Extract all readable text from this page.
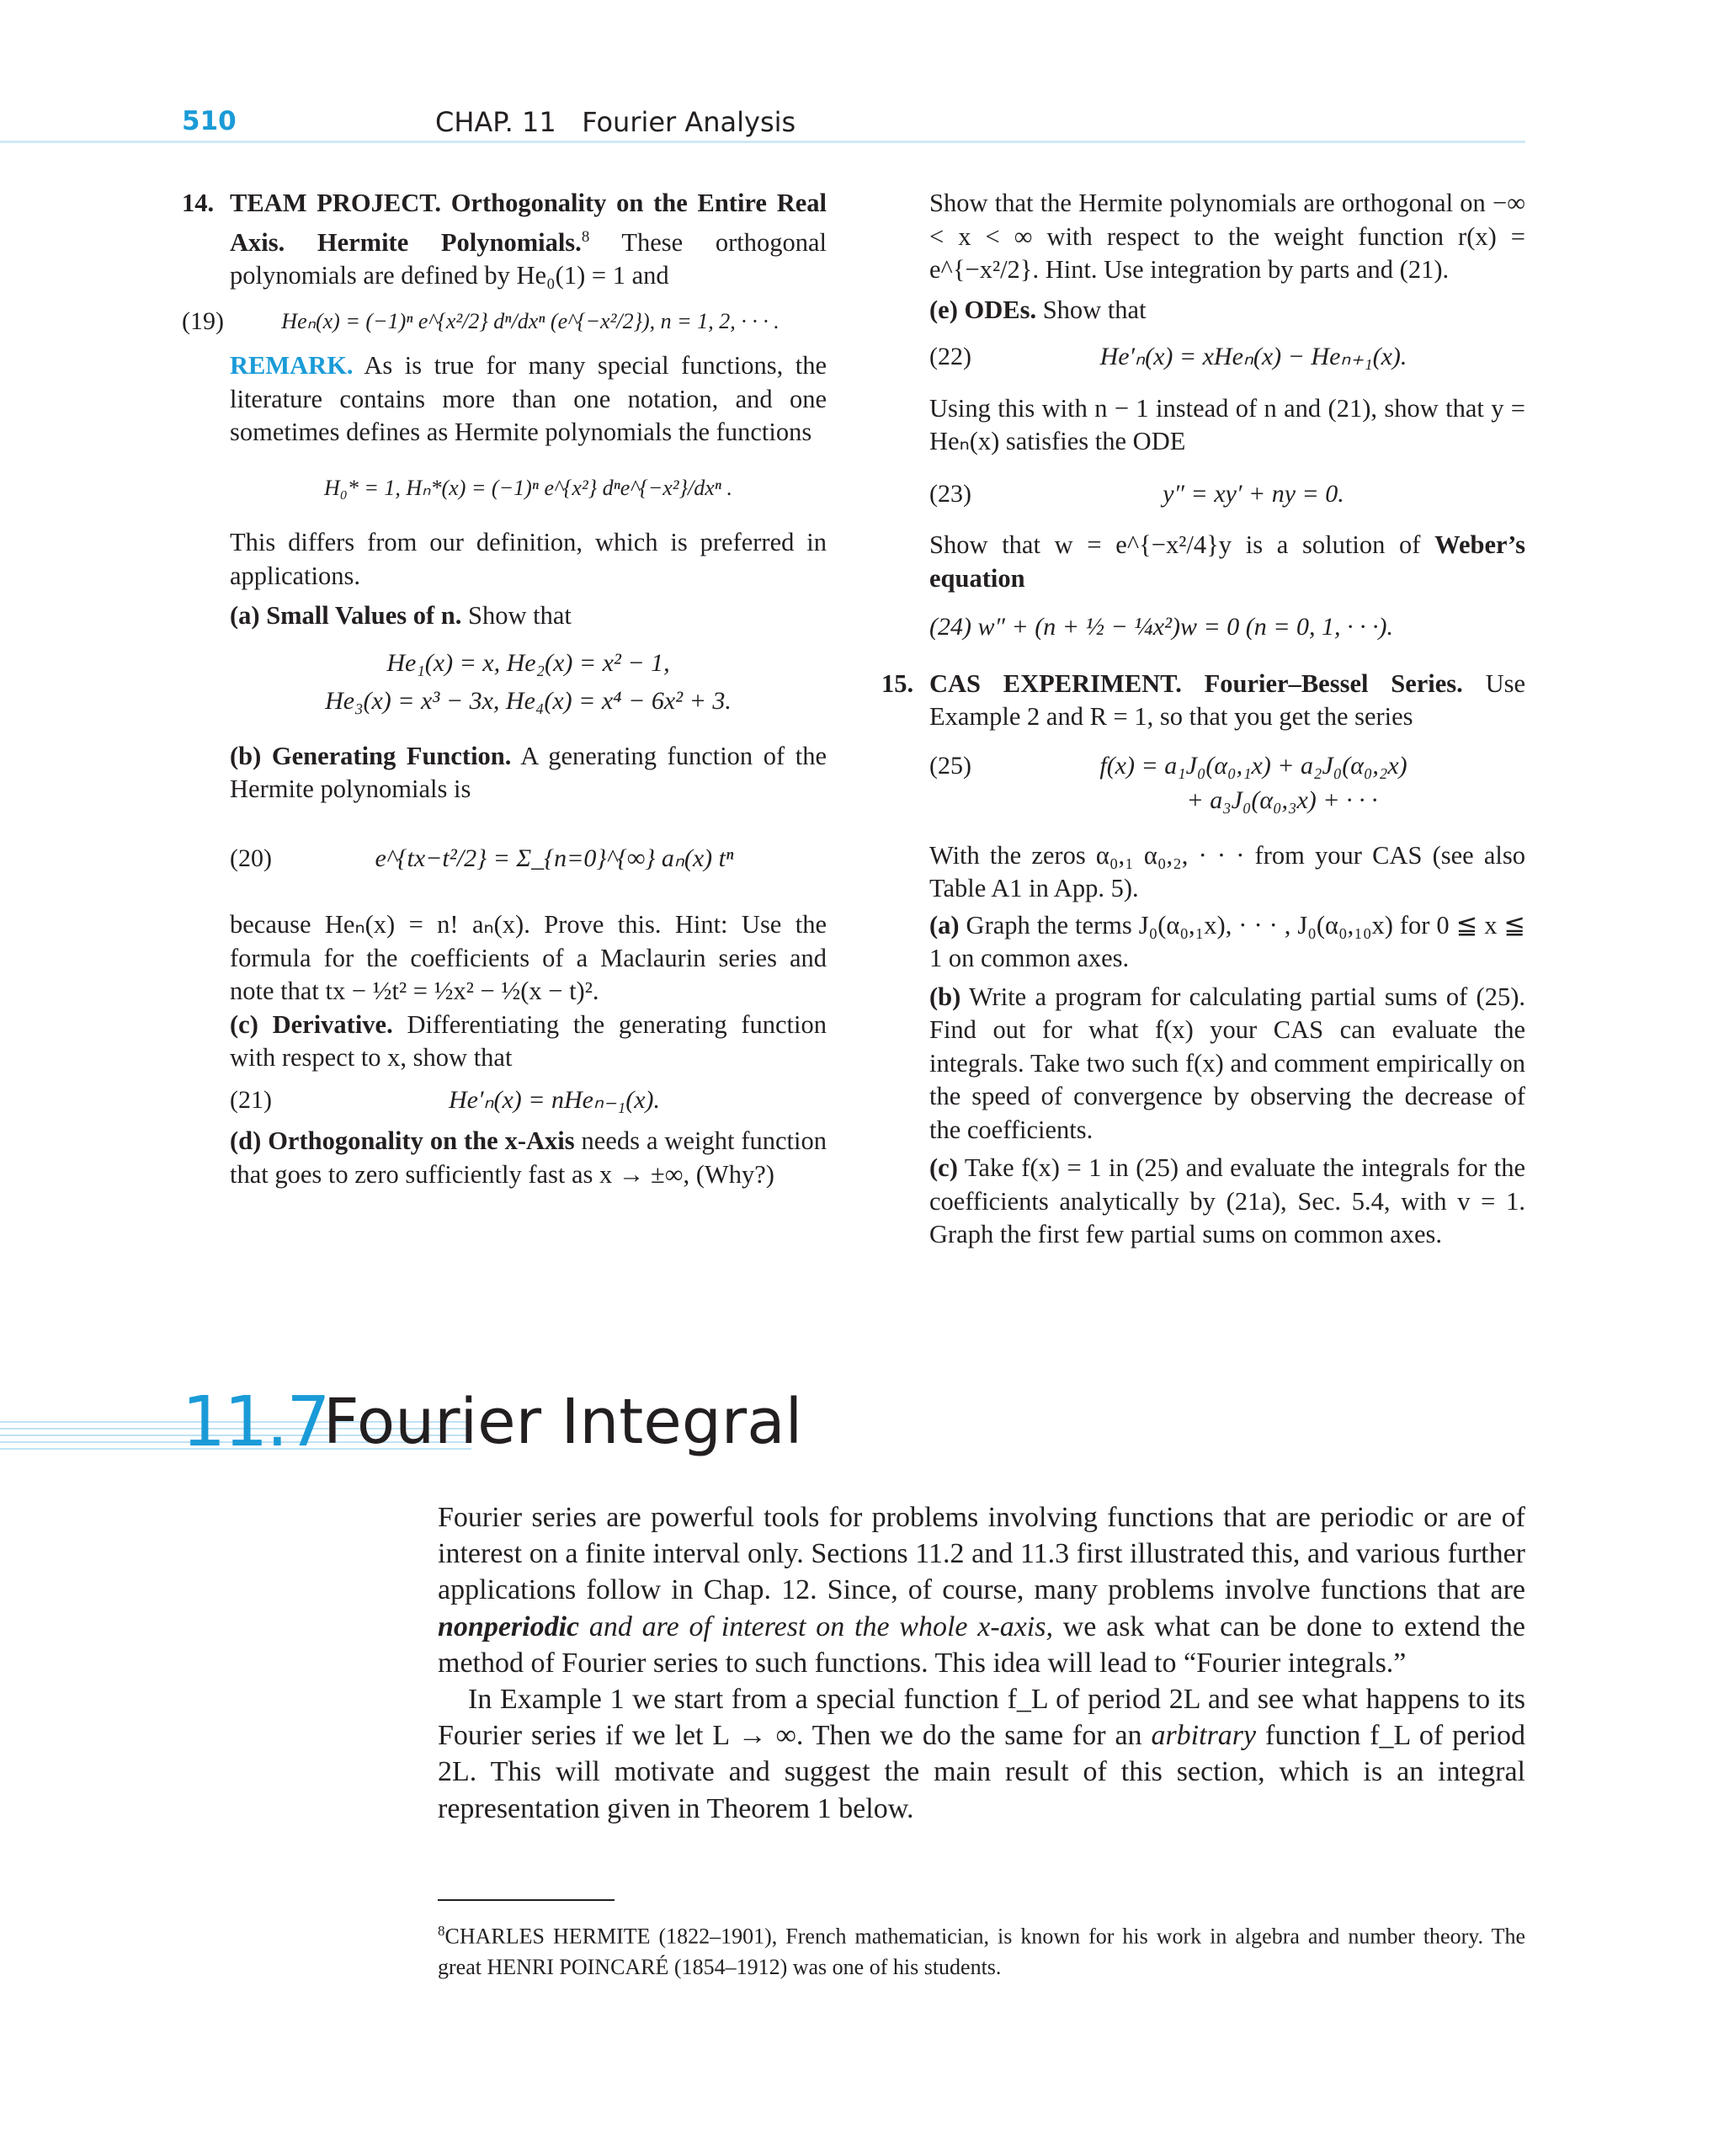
510	CHAP. 11   Fourier Analysis

14. TEAM PROJECT. Orthogonality on the Entire Real Axis. Hermite Polynomials.$^8$ These orthogonal polynomials are defined by He₀(1) = 1 and

(19)	Heₙ(x) = (−1)ⁿ e^{x²/2} dⁿ/dxⁿ (e^{−x²/2}), n = 1, 2, · · · .

REMARK. As is true for many special functions, the literature contains more than one notation, and one sometimes defines as Hermite polynomials the functions

H₀* = 1, Hₙ*(x) = (−1)ⁿ e^{x²} dⁿe^{−x²}/dxⁿ .

This differs from our definition, which is preferred in applications.

(a) Small Values of n. Show that

He₁(x) = x, He₂(x) = x² − 1,
He₃(x) = x³ − 3x, He₄(x) = x⁴ − 6x² + 3.

(b) Generating Function. A generating function of the Hermite polynomials is

(20)	e^{tx−t²/2} = Σ_{n=0}^{∞} aₙ(x) tⁿ

because Heₙ(x) = n! aₙ(x). Prove this. Hint: Use the formula for the coefficients of a Maclaurin series and note that tx − ½t² = ½x² − ½(x − t)².

(c) Derivative. Differentiating the generating function with respect to x, show that

(21)	He′ₙ(x) = nHeₙ₋₁(x).

(d) Orthogonality on the x-Axis needs a weight function that goes to zero sufficiently fast as x → ±∞, (Why?)

Show that the Hermite polynomials are orthogonal on −∞ < x < ∞ with respect to the weight function r(x) = e^{−x²/2}. Hint. Use integration by parts and (21).

(e) ODEs. Show that

(22)	He′ₙ(x) = xHeₙ(x) − Heₙ₊₁(x).

Using this with n − 1 instead of n and (21), show that y = Heₙ(x) satisfies the ODE

(23)	y″ = xy′ + ny = 0.

Show that w = e^{−x²/4}y is a solution of Weber’s equation

(24) w″ + (n + ½ − ¼x²)w = 0 (n = 0, 1, · · ·).

15. CAS EXPERIMENT. Fourier–Bessel Series. Use Example 2 and R = 1, so that you get the series

(25)	f(x) = a₁J₀(α₀,₁x) + a₂J₀(α₀,₂x)
+ a₃J₀(α₀,₃x) + · · ·

With the zeros α₀,₁ α₀,₂, · · · from your CAS (see also Table A1 in App. 5).

(a) Graph the terms J₀(α₀,₁x), · · · , J₀(α₀,₁₀x) for 0 ≦ x ≦ 1 on common axes.

(b) Write a program for calculating partial sums of (25). Find out for what f(x) your CAS can evaluate the integrals. Take two such f(x) and comment empirically on the speed of convergence by observing the decrease of the coefficients.

(c) Take f(x) = 1 in (25) and evaluate the integrals for the coefficients analytically by (21a), Sec. 5.4, with v = 1. Graph the first few partial sums on common axes.

11.7
Fourier Integral

Fourier series are powerful tools for problems involving functions that are periodic or are of interest on a finite interval only. Sections 11.2 and 11.3 first illustrated this, and various further applications follow in Chap. 12. Since, of course, many problems involve functions that are nonperiodic and are of interest on the whole x-axis, we ask what can be done to extend the method of Fourier series to such functions. This idea will lead to “Fourier integrals.”

In Example 1 we start from a special function f_L of period 2L and see what happens to its Fourier series if we let L → ∞. Then we do the same for an arbitrary function f_L of period 2L. This will motivate and suggest the main result of this section, which is an integral representation given in Theorem 1 below.

$^8$CHARLES HERMITE (1822–1901), French mathematician, is known for his work in algebra and number theory. The great HENRI POINCARÉ (1854–1912) was one of his students.
